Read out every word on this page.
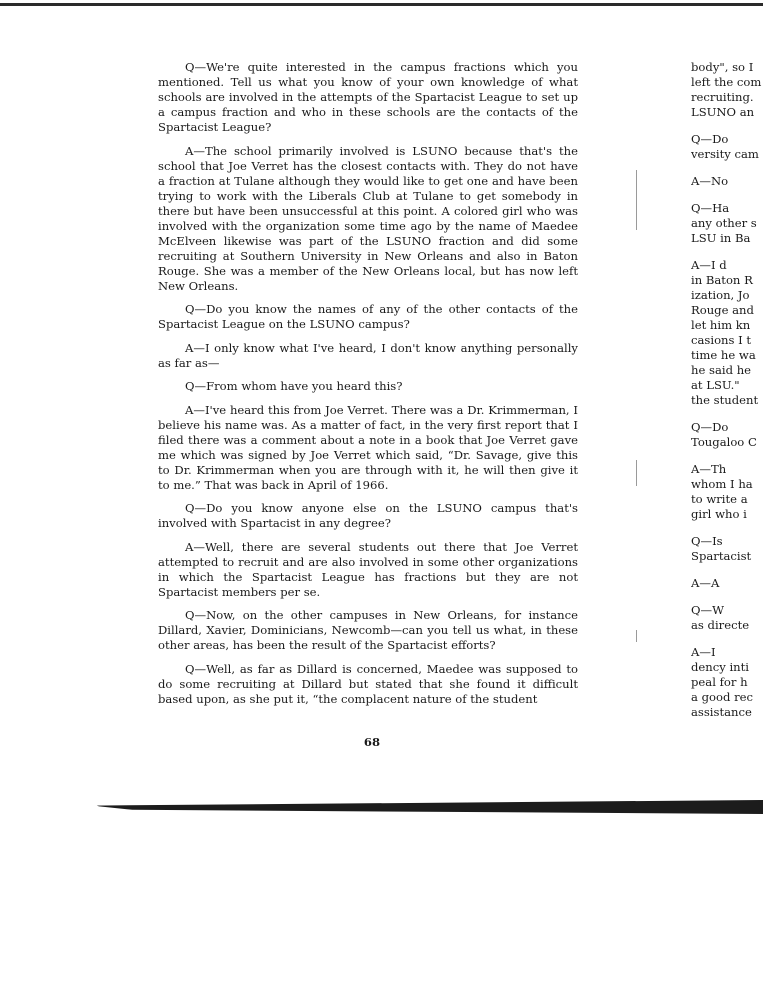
Q—We're quite interested in the campus fractions which you mentioned. Tell us what you know of your own knowledge of what schools are involved in the attempts of the Spartacist League to set up a campus fraction and who in these schools are the contacts of the Spartacist League?

A—The school primarily involved is LSUNO because that's the school that Joe Verret has the closest contacts with. They do not have a fraction at Tulane although they would like to get one and have been trying to work with the Liberals Club at Tulane to get somebody in there but have been unsuccessful at this point. A colored girl who was involved with the organization some time ago by the name of Maedee McElveen likewise was part of the LSUNO fraction and did some recruiting at Southern University in New Orleans and also in Baton Rouge. She was a member of the New Orleans local, but has now left New Orleans.

Q—Do you know the names of any of the other contacts of the Spartacist League on the LSUNO campus?

A—I only know what I've heard, I don't know anything personally as far as—

Q—From whom have you heard this?

A—I've heard this from Joe Verret. There was a Dr. Krimmerman, I believe his name was. As a matter of fact, in the very first report that I filed there was a comment about a note in a book that Joe Verret gave me which was signed by Joe Verret which said, “Dr. Savage, give this to Dr. Krimmerman when you are through with it, he will then give it to me.” That was back in April of 1966.

Q—Do you know anyone else on the LSUNO campus that's involved with Spartacist in any degree?

A—Well, there are several students out there that Joe Verret attempted to recruit and are also involved in some other organizations in which the Spartacist League has fractions but they are not Spartacist members per se.

Q—Now, on the other campuses in New Orleans, for instance Dillard, Xavier, Dominicians, Newcomb—can you tell us what, in these other areas, has been the result of the Spartacist efforts?

Q—Well, as far as Dillard is concerned, Maedee was supposed to do some recruiting at Dillard but stated that she found it difficult based upon, as she put it, “the complacent nature of the student

68
body", so I
left the com
recruiting.
LSUNO an
Q—Do
versity cam
A—No
Q—Ha
any other s
LSU in Ba
A—I d
in Baton R
ization, Jo
Rouge and
let him kn
casions I t
time he wa
he said he
at LSU."
the student
Q—Do
Tougaloo C
A—Th
whom I ha
to write a
girl who i
Q—Is
Spartacist
A—A
Q—W
as directe
A—I
dency inti
peal for h
a good rec
assistance
